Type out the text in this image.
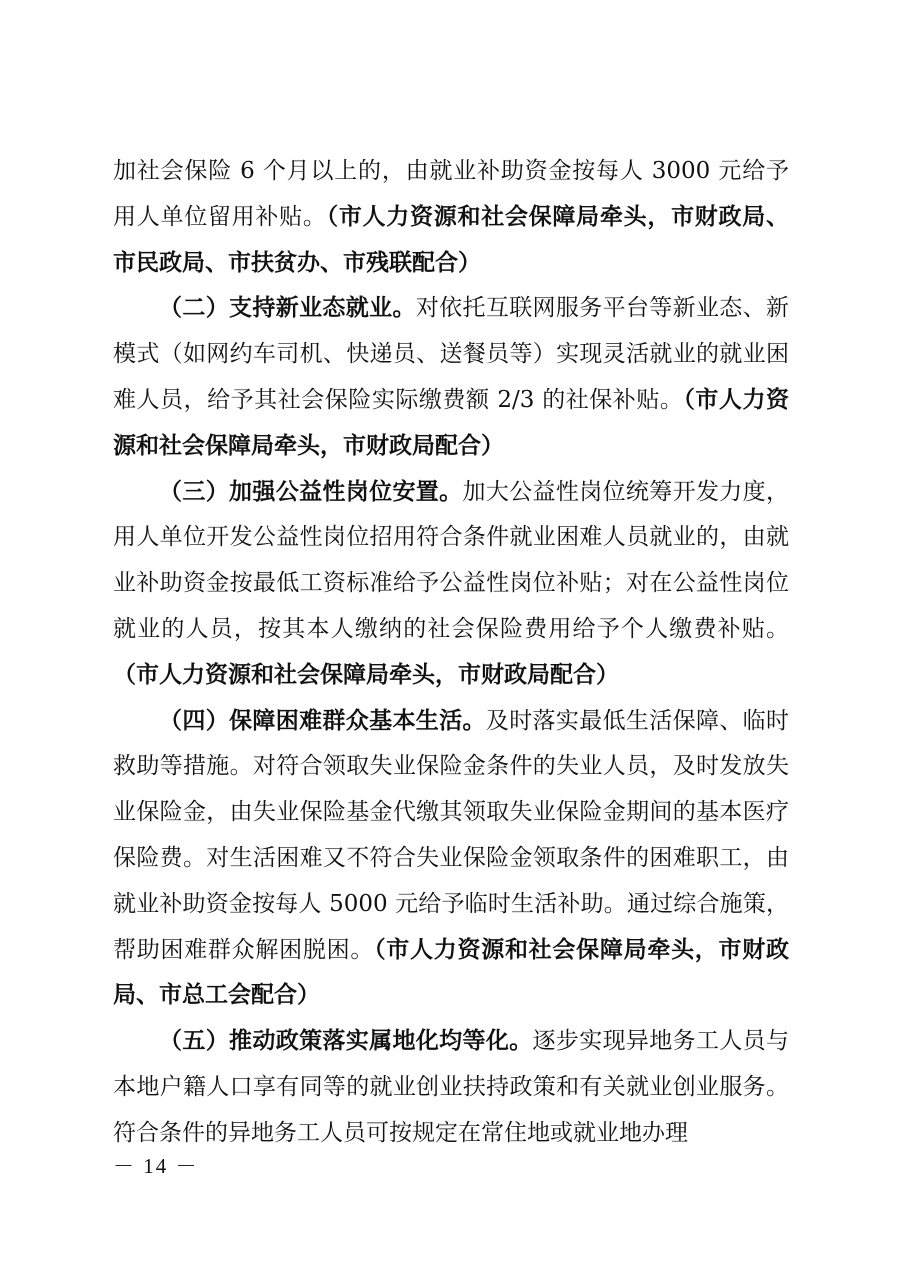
加社会保险 6 个月以上的，由就业补助资金按每人 3000 元给予用人单位留用补贴。（市人力资源和社会保障局牵头，市财政局、市民政局、市扶贫办、市残联配合）

（二）支持新业态就业。对依托互联网服务平台等新业态、新模式（如网约车司机、快递员、送餐员等）实现灵活就业的就业困难人员，给予其社会保险实际缴费额 2/3 的社保补贴。（市人力资源和社会保障局牵头，市财政局配合）

（三）加强公益性岗位安置。加大公益性岗位统筹开发力度，用人单位开发公益性岗位招用符合条件就业困难人员就业的，由就业补助资金按最低工资标准给予公益性岗位补贴；对在公益性岗位就业的人员，按其本人缴纳的社会保险费用给予个人缴费补贴。（市人力资源和社会保障局牵头，市财政局配合）

（四）保障困难群众基本生活。及时落实最低生活保障、临时救助等措施。对符合领取失业保险金条件的失业人员，及时发放失业保险金，由失业保险基金代缴其领取失业保险金期间的基本医疗保险费。对生活困难又不符合失业保险金领取条件的困难职工，由就业补助资金按每人 5000 元给予临时生活补助。通过综合施策，帮助困难群众解困脱困。（市人力资源和社会保障局牵头，市财政局、市总工会配合）

（五）推动政策落实属地化均等化。逐步实现异地务工人员与本地户籍人口享有同等的就业创业扶持政策和有关就业创业服务。符合条件的异地务工人员可按规定在常住地或就业地办理

－ 14 －
